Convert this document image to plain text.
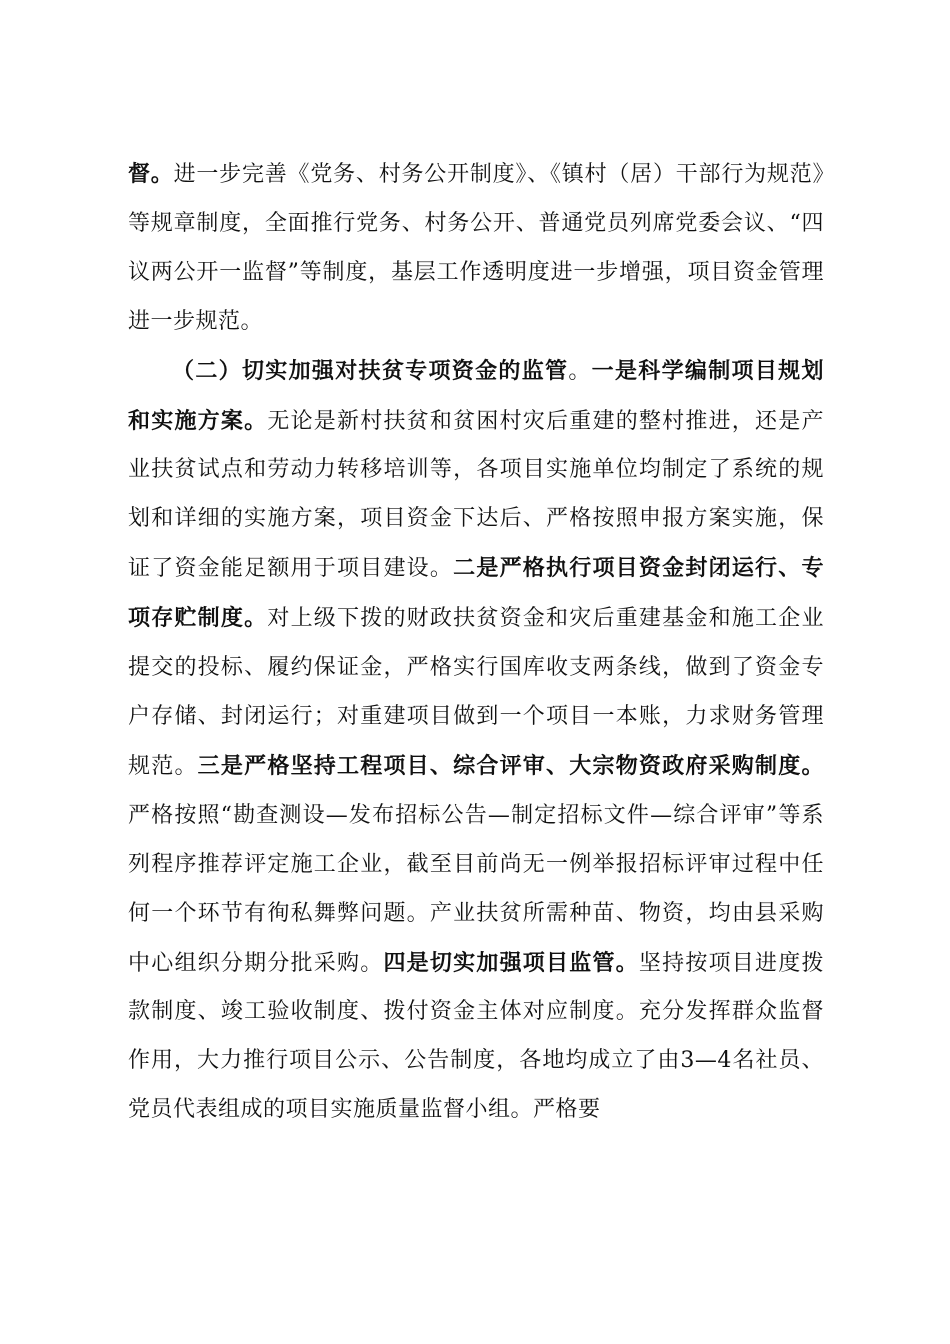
督。进一步完善《党务、村务公开制度》、《镇村（居）干部行为规范》等规章制度，全面推行党务、村务公开、普通党员列席党委会议、“四议两公开一监督”等制度，基层工作透明度进一步增强，项目资金管理进一步规范。

（二）切实加强对扶贫专项资金的监管。一是科学编制项目规划和实施方案。无论是新村扶贫和贫困村灾后重建的整村推进，还是产业扶贫试点和劳动力转移培训等，各项目实施单位均制定了系统的规划和详细的实施方案，项目资金下达后、严格按照申报方案实施，保证了资金能足额用于项目建设。二是严格执行项目资金封闭运行、专项存贮制度。对上级下拨的财政扶贫资金和灾后重建基金和施工企业提交的投标、履约保证金，严格实行国库收支两条线，做到了资金专户存储、封闭运行；对重建项目做到一个项目一本账，力求财务管理规范。三是严格坚持工程项目、综合评审、大宗物资政府采购制度。严格按照“勘查测设—发布招标公告—制定招标文件—综合评审”等系列程序推荐评定施工企业，截至目前尚无一例举报招标评审过程中任何一个环节有徇私舞弊问题。产业扶贫所需种苗、物资，均由县采购中心组织分期分批采购。四是切实加强项目监管。坚持按项目进度拨款制度、竣工验收制度、拨付资金主体对应制度。充分发挥群众监督作用，大力推行项目公示、公告制度，各地均成立了由3—4名社员、党员代表组成的项目实施质量监督小组。严格要
